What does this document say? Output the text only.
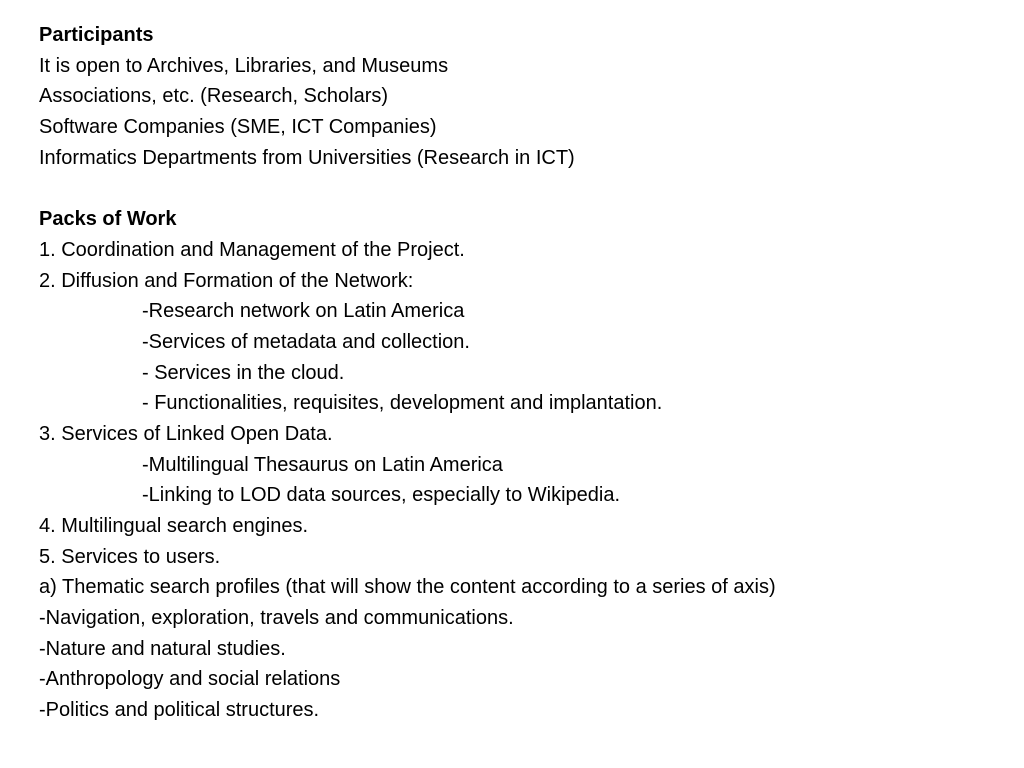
Participants
It is open to Archives, Libraries, and Museums
Associations, etc. (Research, Scholars)
Software Companies (SME, ICT Companies)
Informatics Departments from Universities (Research in ICT)
Packs of Work
1. Coordination and Management of the Project.
2. Diffusion and Formation of the Network:
-Research network on Latin America
-Services of metadata and collection.
- Services in the cloud.
- Functionalities, requisites, development and implantation.
3. Services of Linked Open Data.
-Multilingual Thesaurus on Latin America
-Linking to LOD data sources, especially to Wikipedia.
4. Multilingual search engines.
5. Services to users.
a) Thematic search profiles (that will show the content according to a series of axis)
-Navigation, exploration, travels and communications.
-Nature and natural studies.
-Anthropology and social relations
-Politics and political structures.
